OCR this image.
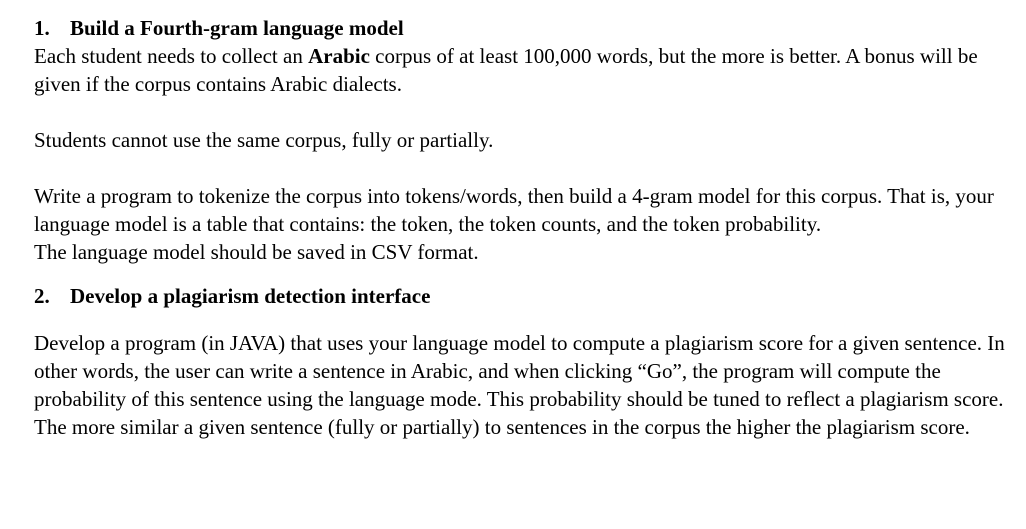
1. Build a Fourth-gram language model

Each student needs to collect an Arabic corpus of at least 100,000 words, but the more is better. A bonus will be given if the corpus contains Arabic dialects.

Students cannot use the same corpus, fully or partially.

Write a program to tokenize the corpus into tokens/words, then build a 4-gram model for this corpus. That is, your language model is a table that contains: the token, the token counts, and the token probability.

The language model should be saved in CSV format.

2. Develop a plagiarism detection interface

Develop a program (in JAVA) that uses your language model to compute a plagiarism score for a given sentence. In other words, the user can write a sentence in Arabic, and when clicking “Go”, the program will compute the probability of this sentence using the language mode. This probability should be tuned to reflect a plagiarism score. The more similar a given sentence (fully or partially) to sentences in the corpus the higher the plagiarism score.
